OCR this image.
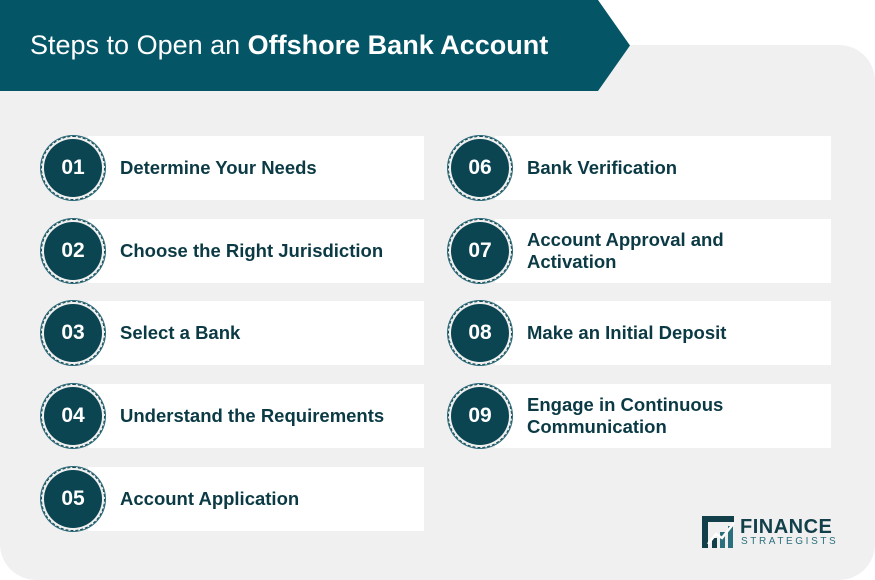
Steps to Open an
Offshore Bank Account
01	Determine Your Needs
02	Choose the Right Jurisdiction
03	Select a Bank
04	Understand the Requirements
05	Account Application
06	Bank Verification
07	Account Approval and Activation
08	Make an Initial Deposit
09	Engage in Continuous Communication
FINANCE
STRATEGISTS
